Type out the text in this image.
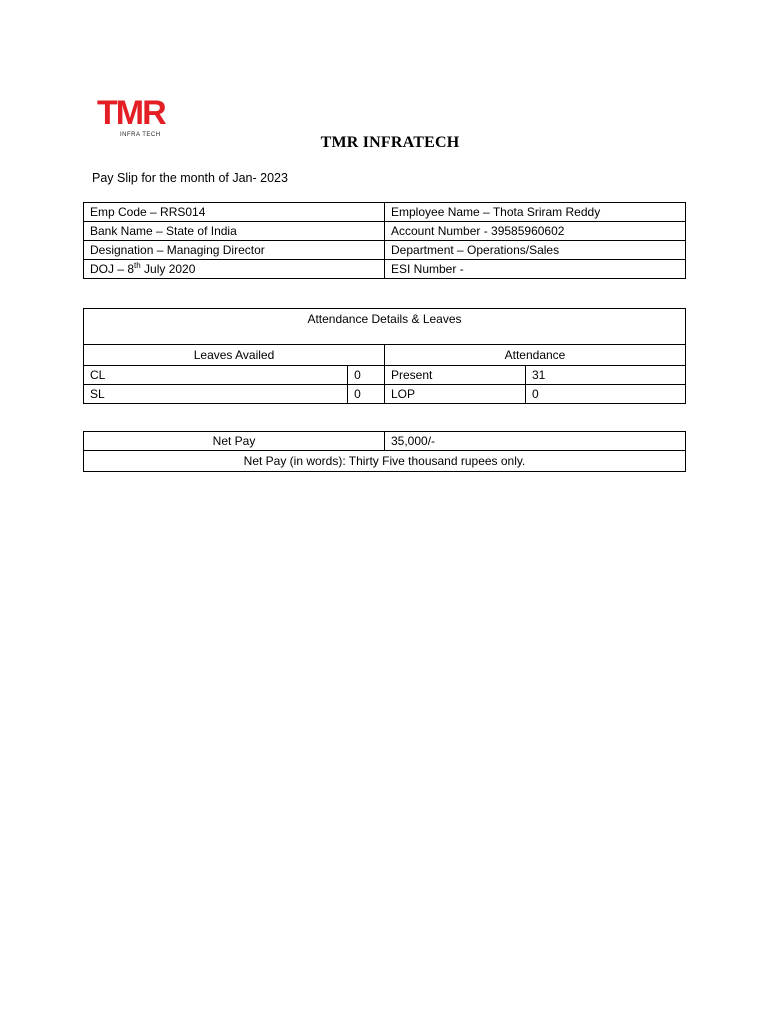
TMR
INFRA TECH	TMR INFRATECH
Pay Slip for the month of Jan- 2023
Emp Code – RRS014	Employee Name – Thota Sriram Reddy
Bank Name – State of India	Account Number - 39585960602
Designation – Managing Director	Department – Operations/Sales
DOJ – 8th July 2020	ESI Number -
Attendance Details & Leaves			
Leaves Availed		Attendance	
CL	0	Present	31
SL	0	LOP	0
Net Pay	35,000/-
Net Pay (in words): Thirty Five thousand rupees only.
